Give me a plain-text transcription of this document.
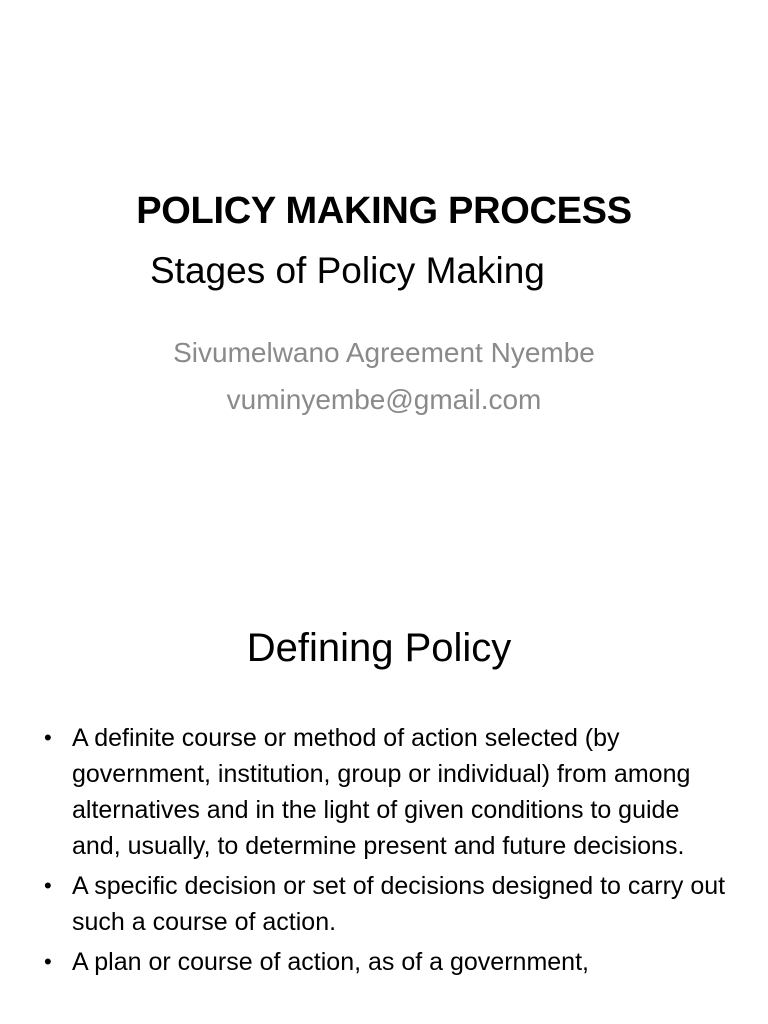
POLICY MAKING PROCESS
Stages of Policy Making
Sivumelwano Agreement Nyembe
vuminyembe@gmail.com
Defining Policy
• A definite course or method of action selected (by government, institution, group or individual) from among alternatives and in the light of given conditions to guide and, usually, to determine present and future decisions.
• A specific decision or set of decisions designed to carry out such a course of action.
• A plan or course of action, as of a government,
